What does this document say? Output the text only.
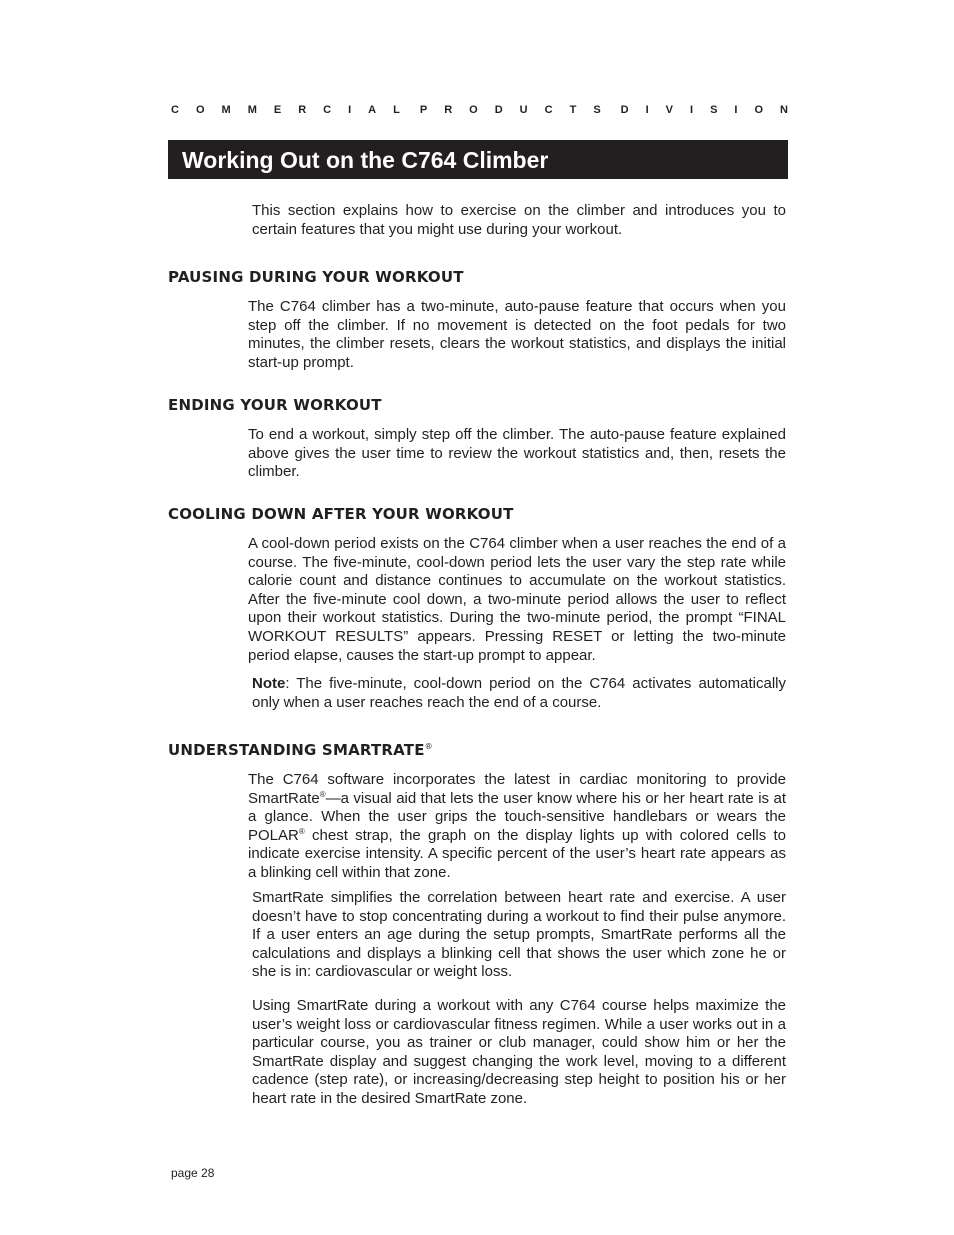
C O M M E R C I A L P R O D U C T S D I V I S I O N
Working Out on the C764 Climber

This section explains how to exercise on the climber and introduces you to certain features that you might use during your workout.

PAUSING DURING YOUR WORKOUT

The C764 climber has a two-minute, auto-pause feature that occurs when you step off the climber. If no movement is detected on the foot pedals for two minutes, the climber resets, clears the workout statistics, and displays the initial start-up prompt.

ENDING YOUR WORKOUT

To end a workout, simply step off the climber. The auto-pause feature explained above gives the user time to review the workout statistics and, then, resets the climber.

COOLING DOWN AFTER YOUR WORKOUT

A cool-down period exists on the C764 climber when a user reaches the end of a course. The five-minute, cool-down period lets the user vary the step rate while calorie count and distance continues to accumulate on the workout statistics. After the five-minute cool down, a two-minute period allows the user to reflect upon their workout statistics. During the two-minute period, the prompt “FINAL WORKOUT RESULTS” appears. Pressing RESET or letting the two-minute period elapse, causes the start-up prompt to appear.

Note: The five-minute, cool-down period on the C764 activates automatically only when a user reaches reach the end of a course.

UNDERSTANDING SMARTRATE®

The C764 software incorporates the latest in cardiac monitoring to provide SmartRate®—a visual aid that lets the user know where his or her heart rate is at a glance. When the user grips the touch-sensitive handlebars or wears the POLAR® chest strap, the graph on the display lights up with colored cells to indicate exercise intensity. A specific percent of the user’s heart rate appears as a blinking cell within that zone.

SmartRate simplifies the correlation between heart rate and exercise. A user doesn’t have to stop concentrating during a workout to find their pulse anymore. If a user enters an age during the setup prompts, SmartRate performs all the calculations and displays a blinking cell that shows the user which zone he or she is in: cardiovascular or weight loss.

Using SmartRate during a workout with any C764 course helps maximize the user’s weight loss or cardiovascular fitness regimen. While a user works out in a particular course, you as trainer or club manager, could show him or her the SmartRate display and suggest changing the work level, moving to a different cadence (step rate), or increasing/decreasing step height to position his or her heart rate in the desired SmartRate zone.

page 28
